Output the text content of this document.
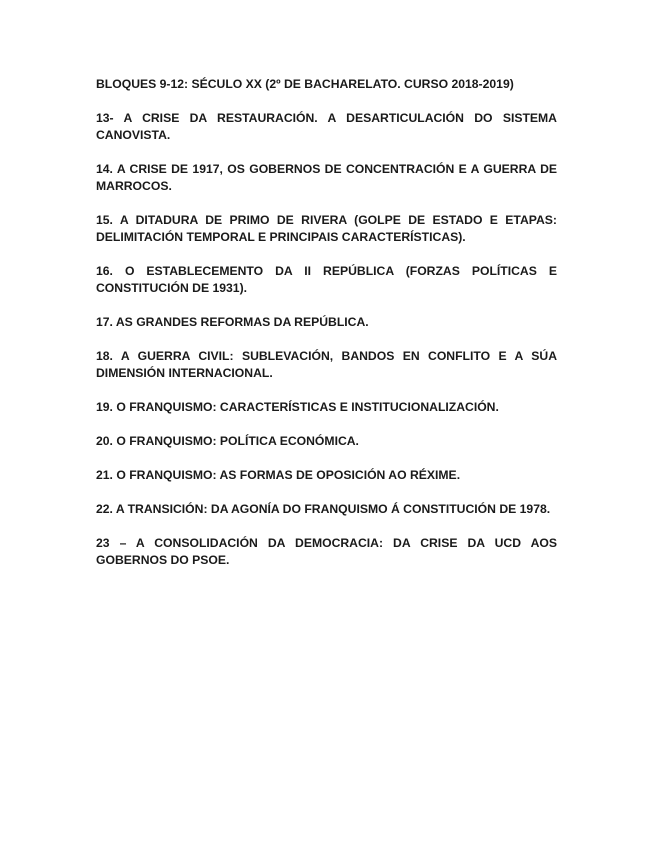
BLOQUES 9-12: SÉCULO XX (2º DE BACHARELATO. CURSO 2018-2019)

13- A CRISE DA RESTAURACIÓN. A DESARTICULACIÓN DO SISTEMA CANOVISTA.

14. A CRISE DE 1917, OS GOBERNOS DE CONCENTRACIÓN E A GUERRA DE MARROCOS.

15. A DITADURA DE PRIMO DE RIVERA (GOLPE DE ESTADO E ETAPAS: DELIMITACIÓN TEMPORAL E PRINCIPAIS CARACTERÍSTICAS).

16. O ESTABLECEMENTO DA II REPÚBLICA (FORZAS POLÍTICAS E CONSTITUCIÓN DE 1931).

17. AS GRANDES REFORMAS DA REPÚBLICA.

18. A GUERRA CIVIL: SUBLEVACIÓN, BANDOS EN CONFLITO E A SÚA DIMENSIÓN INTERNACIONAL.

19. O FRANQUISMO: CARACTERÍSTICAS E INSTITUCIONALIZACIÓN.

20. O FRANQUISMO: POLÍTICA ECONÓMICA.

21. O FRANQUISMO: AS FORMAS DE OPOSICIÓN AO RÉXIME.

22. A TRANSICIÓN: DA AGONÍA DO FRANQUISMO Á CONSTITUCIÓN DE 1978.

23 – A CONSOLIDACIÓN DA DEMOCRACIA: DA CRISE DA UCD AOS GOBERNOS DO PSOE.
